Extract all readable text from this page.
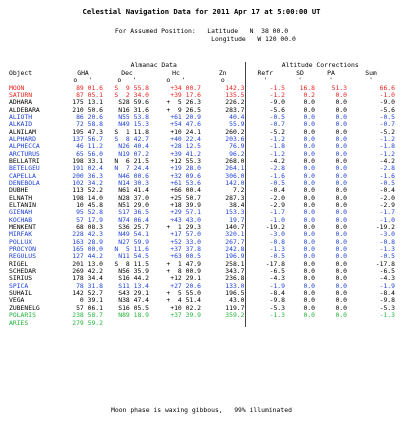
Celestial Navigation Data for 2011 Apr 17 at 5:00:00 UT
For Assumed Position: Latitude N  38 00.0
Longitude W 120 00.0
	Almanac Data				Altitude Corrections			
Object	GHA	Dec	Hc	Zn	Refr	SD	PA	Sum
	o '	o '	o '	o	'	'	'	'
MOON	89 01.6	S  9 55.8	+34 00.7	142.3	-1.5	16.8	51.3	66.6
SATURN	87 05.1	S  2 34.0	+39 17.6	135.5	-1.2	0.2	0.0	-1.0
ADHARA	175 13.1	S28 59.6	+  5 26.3	226.2	-9.0	0.0	0.0	-9.0
ALDEBARA	210 50.6	N16 31.6	+  9 26.5	283.7	-5.6	0.0	0.0	-5.6
ALIOTH	86 20.6	N55 53.8	+61 20.9	40.4	-0.5	0.0	0.0	-0.5
ALKAID	72 58.8	N49 15.3	+54 47.6	55.9	-0.7	0.0	0.0	-0.7
ALNILAM	195 47.3	S  1 11.8	+10 24.1	260.2	-5.2	0.0	0.0	-5.2
ALPHARD	137 56.7	S  8 42.7	+40 22.4	203.6	-1.2	0.0	0.0	-1.2
ALPHECCA	46 11.2	N26 40.4	+28 12.5	76.9	-1.8	0.0	0.0	-1.8
ARCTURUS	65 56.0	N19 07.2	+39 41.2	96.2	-1.2	0.0	0.0	-1.2
BELLATRI	198 33.1	N  6 21.5	+12 55.3	268.0	-4.2	0.0	0.0	-4.2
BETELGEU	191 02.4	N  7 24.4	+19 28.0	264.1	-2.8	0.0	0.0	-2.8
CAPELLA	200 36.3	N46 00.6	+32 09.6	306.0	-1.6	0.0	0.0	-1.6
DENEBOLA	102 34.2	N14 30.3	+61 53.6	142.0	-0.5	0.0	0.0	-0.5
DUBHE	113 52.2	N61 41.4	+66 00.4	7.2	-0.4	0.0	0.0	-0.4
ELNATH	198 14.0	N28 37.0	+25 50.7	287.3	-2.0	0.0	0.0	-2.0
ELTANIN	10 45.8	N51 29.0	+18 39.9	38.4	-2.9	0.0	0.0	-2.9
GIENAH	95 52.8	S17 36.5	+29 57.1	153.3	-1.7	0.0	0.0	-1.7
KOCHAB	57 17.9	N74 06.4	+43 43.0	19.7	-1.0	0.0	0.0	-1.0
MENKENT	68 08.3	S36 25.7	+  1 29.3	140.7	-19.2	0.0	0.0	-19.2
MIRFAK	228 42.3	N49 54.1	+17 57.0	320.1	-3.0	0.0	0.0	-3.0
POLLUX	163 28.9	N27 59.9	+52 33.0	267.7	-0.8	0.0	0.0	-0.8
PROCYON	165 00.0	N  5 11.6	+37 37.8	242.8	-1.3	0.0	0.0	-1.3
REGULUS	127 44.2	N11 54.5	+63 00.5	196.9	-0.5	0.0	0.0	-0.5
RIGEL	201 13.0	S  8 11.5	+  1 47.9	258.1	-17.8	0.0	0.0	-17.8
SCHEDAR	269 42.2	N56 35.9	+  8 00.9	343.7	-6.5	0.0	0.0	-6.5
SIRIUS	178 34.4	S16 44.2	+12 29.1	236.8	-4.3	0.0	0.0	-4.3
SPICA	78 31.8	S11 13.4	+27 20.6	133.0	-1.9	0.0	0.0	-1.9
SUHAIL	142 52.7	S43 29.1	+  5 55.0	196.5	-8.4	0.0	0.0	-8.4
VEGA	0 39.1	N38 47.4	+  4 51.4	43.0	-9.8	0.0	0.0	-9.8
ZUBENELG	57 06.1	S16 05.5	+10 02.2	119.7	-5.3	0.0	0.0	-5.3
POLARIS	238 58.7	N89 18.9	+37 39.9	359.2	-1.3	0.0	0.0	-1.3
ARIES	279 59.2							
Moon phase is waxing gibbous,   99% illuminated
